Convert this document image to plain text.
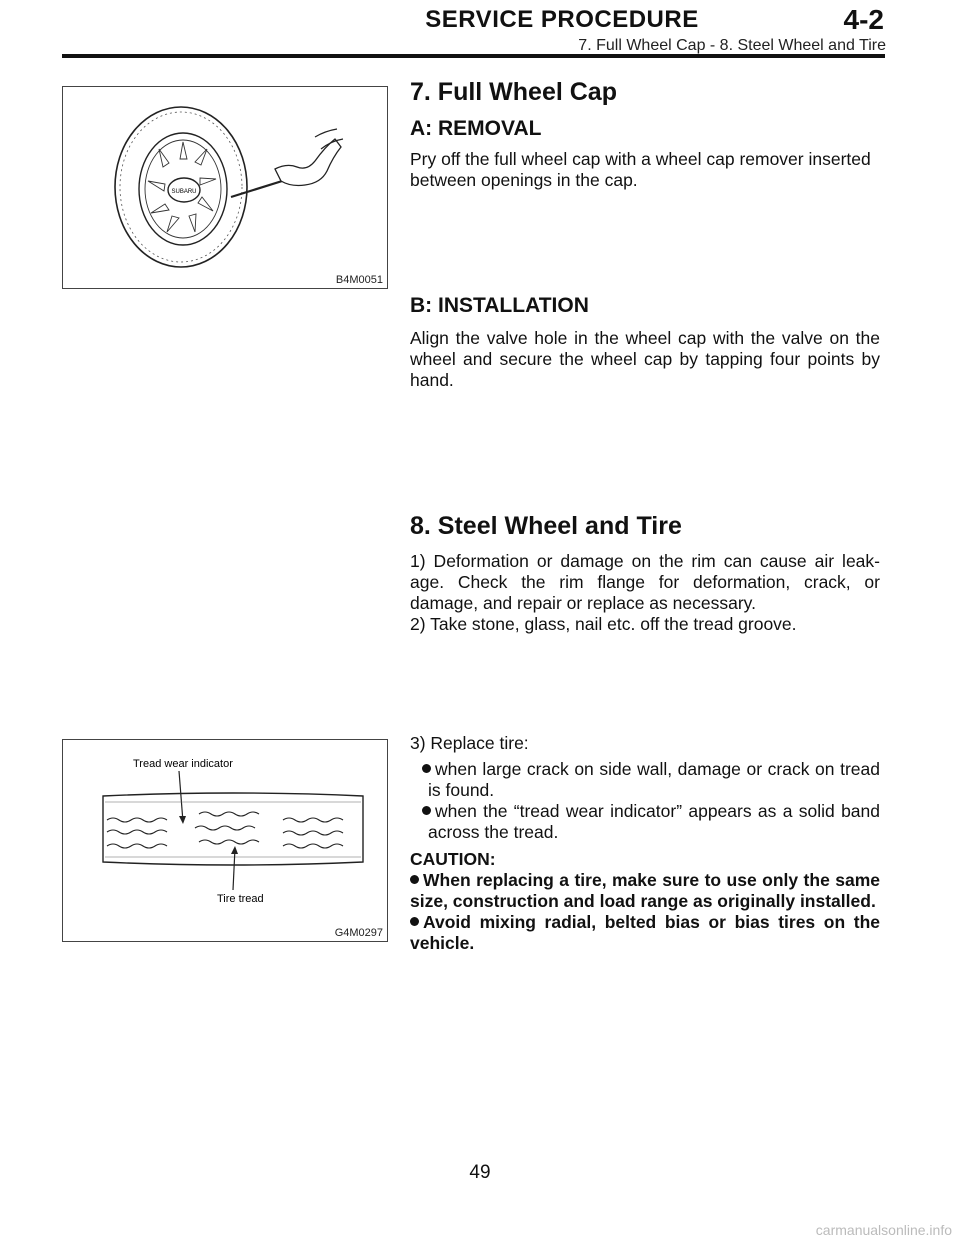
SERVICE PROCEDURE	4-2
7. Full Wheel Cap - 8. Steel Wheel and Tire
SUBARU
B4M0051
Tread wear indicator
Tire tread
G4M0297
7. Full Wheel Cap
A: REMOVAL

Pry off the full wheel cap with a wheel cap remover inserted between openings in the cap.

B: INSTALLATION

Align the valve hole in the wheel cap with the valve on the wheel and secure the wheel cap by tapping four points by hand.

8. Steel Wheel and Tire

1) Deformation or damage on the rim can cause air leak-age. Check the rim flange for deformation, crack, or damage, and repair or replace as necessary.

2) Take stone, glass, nail etc. off the tread groove.

3) Replace tire:

when large crack on side wall, damage or crack on tread is found.

when the “tread wear indicator” appears as a solid band across the tread.

CAUTION:

When replacing a tire, make sure to use only the same size, construction and load range as originally installed.

Avoid mixing radial, belted bias or bias tires on the vehicle.

49
carmanualsonline.info
